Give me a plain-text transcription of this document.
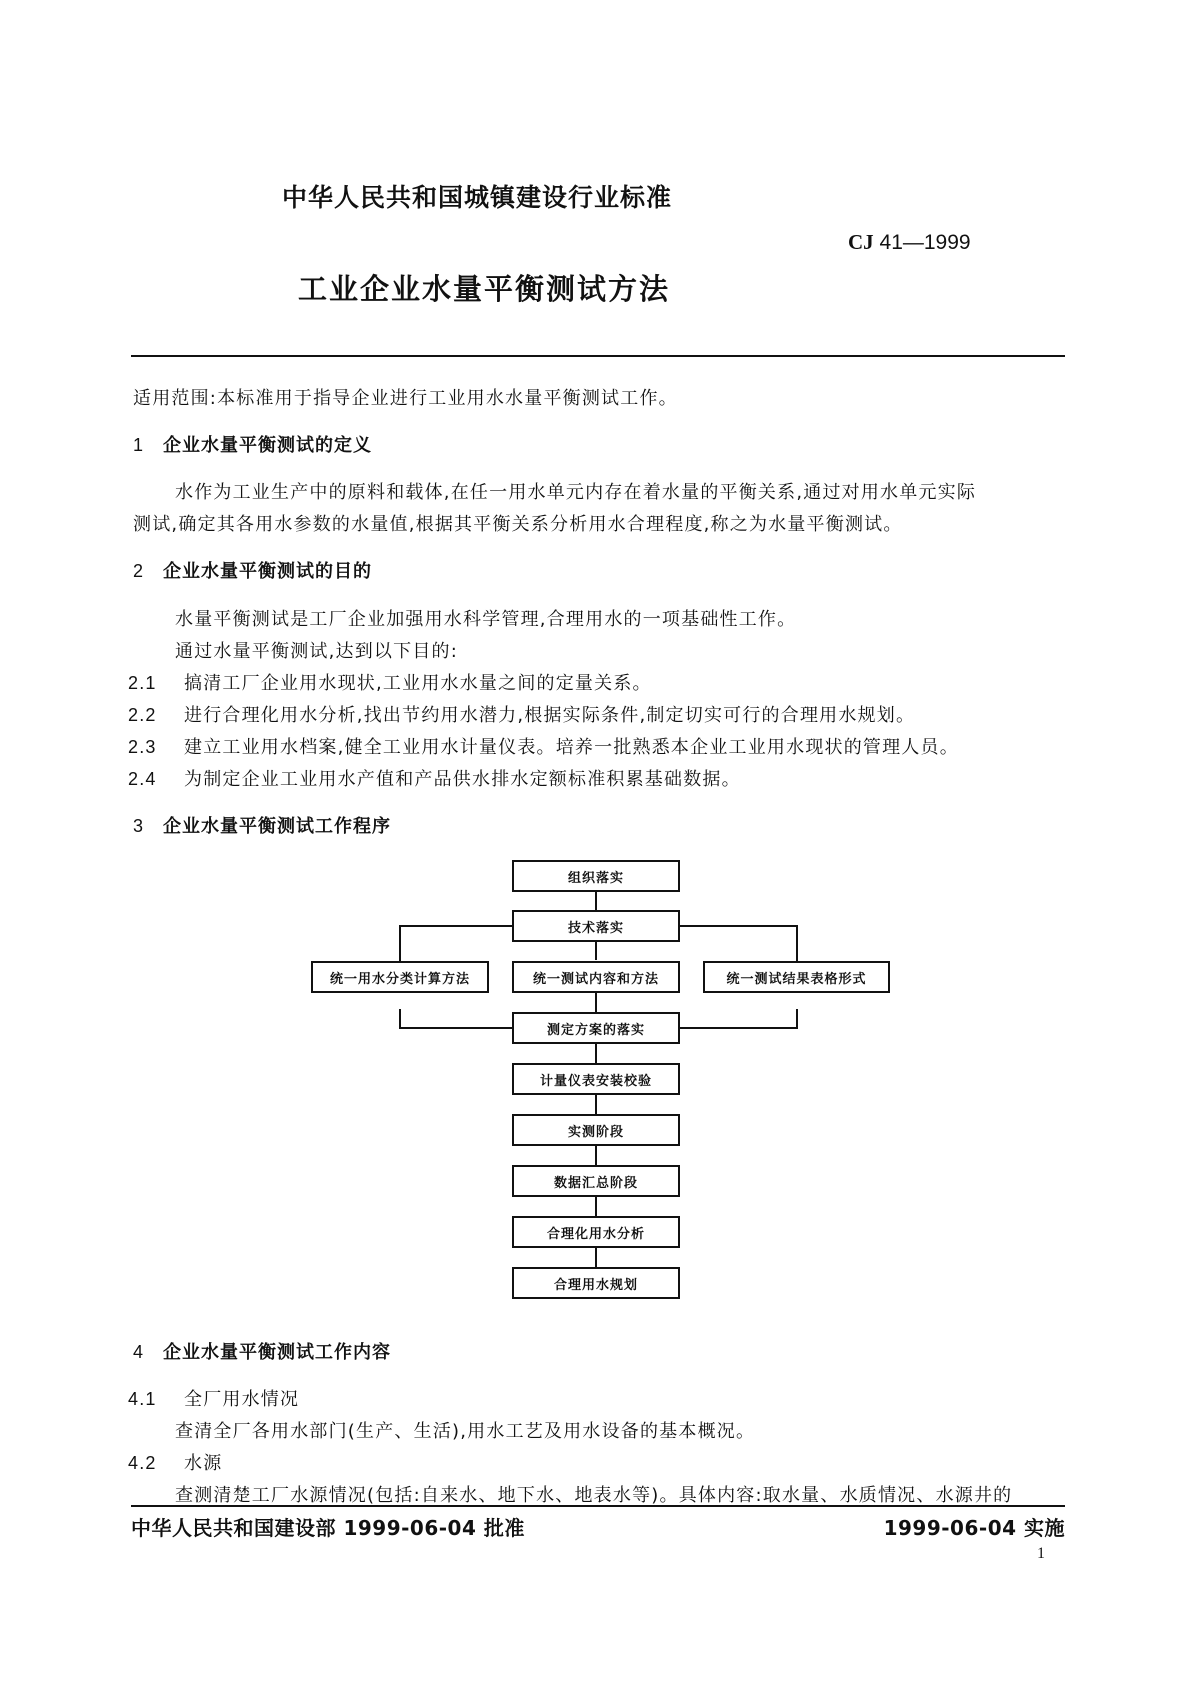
中华人民共和国城镇建设行业标准
CJ 41—1999
工业企业水量平衡测试方法
适用范围:本标准用于指导企业进行工业用水水量平衡测试工作。
1 企业水量平衡测试的定义
水作为工业生产中的原料和载体,在任一用水单元内存在着水量的平衡关系,通过对用水单元实际
测试,确定其各用水参数的水量值,根据其平衡关系分析用水合理程度,称之为水量平衡测试。
2 企业水量平衡测试的目的
水量平衡测试是工厂企业加强用水科学管理,合理用水的一项基础性工作。
通过水量平衡测试,达到以下目的:
2.1 搞清工厂企业用水现状,工业用水水量之间的定量关系。
2.2 进行合理化用水分析,找出节约用水潜力,根据实际条件,制定切实可行的合理用水规划。
2.3 建立工业用水档案,健全工业用水计量仪表。培养一批熟悉本企业工业用水现状的管理人员。
2.4 为制定企业工业用水产值和产品供水排水定额标准积累基础数据。
3 企业水量平衡测试工作程序
组织落实
技术落实
统一用水分类计算方法	统一测试内容和方法	统一测试结果表格形式
测定方案的落实
计量仪表安装校验
实测阶段
数据汇总阶段
合理化用水分析
合理用水规划
4 企业水量平衡测试工作内容
4.1 全厂用水情况
查清全厂各用水部门(生产、生活),用水工艺及用水设备的基本概况。
4.2 水源
查测清楚工厂水源情况(包括:自来水、地下水、地表水等)。具体内容:取水量、水质情况、水源井的
中华人民共和国建设部 1999-06-04 批准	1999-06-04 实施
1
